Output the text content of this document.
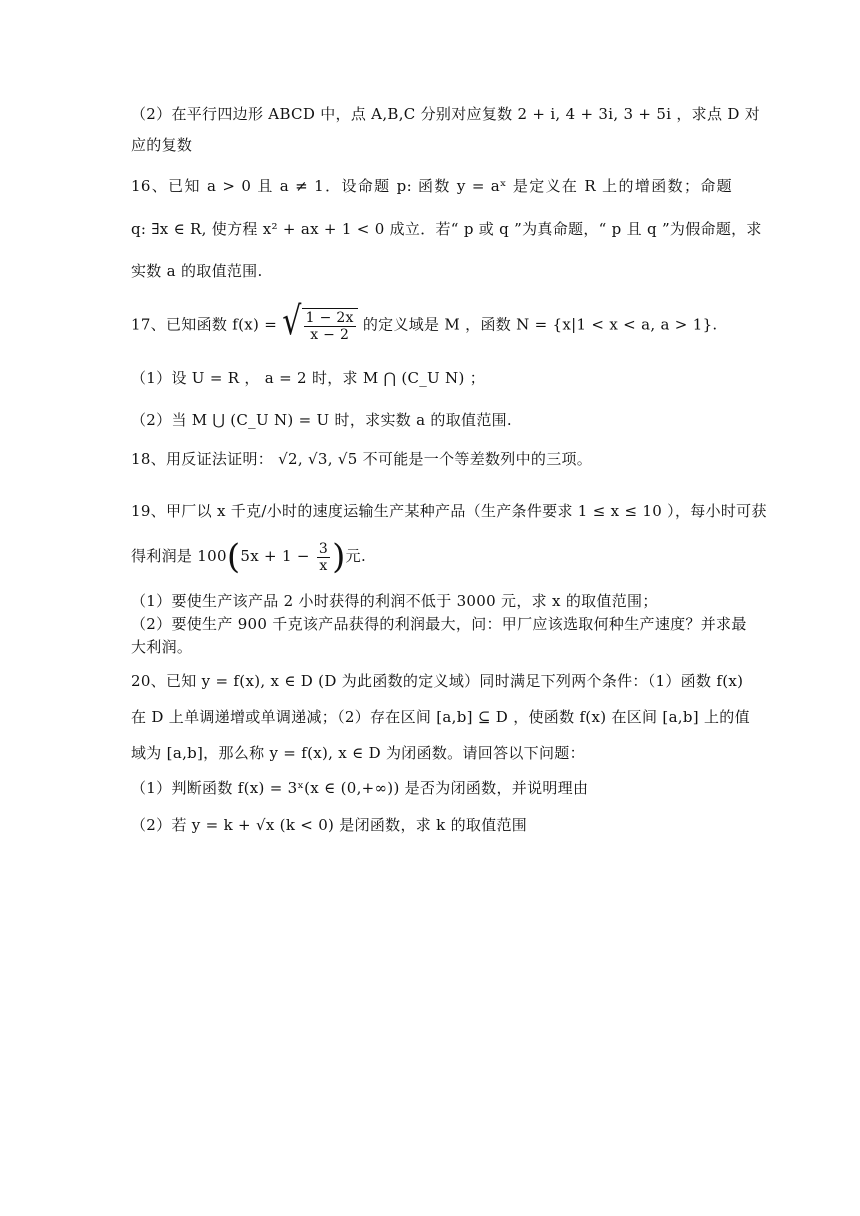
（2）在平行四边形 ABCD 中，点 A,B,C 分别对应复数 2 + i, 4 + 3i, 3 + 5i ，求点 D 对
应的复数
16、已知 a > 0 且 a ≠ 1．设命题 p: 函数 y = aˣ 是定义在 R 上的增函数；命题
q: ∃x ∈ R, 使方程 x² + ax + 1 < 0 成立．若“ p 或 q ”为真命题，“ p 且 q ”为假命题，求
实数 a 的取值范围.
17、已知函数 f(x) = √ $\frac{1 - 2x}{x - 2}$ 的定义域是 M ，函数 N = {x|1 < x < a, a > 1}.
（1）设 U = R ， a = 2 时，求 M ⋂ (C_U N) ；
（2）当 M ⋃ (C_U N) = U 时，求实数 a 的取值范围.
18、用反证法证明： √2, √3, √5 不可能是一个等差数列中的三项。
19、甲厂以 x 千克/小时的速度运输生产某种产品（生产条件要求 1 ≤ x ≤ 10 ），每小时可获
得利润是 $100(5x + 1 - \frac{3}{x}$ )元.
（1）要使生产该产品 2 小时获得的利润不低于 3000 元，求 x 的取值范围；
（2）要使生产 900 千克该产品获得的利润最大，问：甲厂应该选取何种生产速度？并求最
大利润。
20、已知 y = f(x), x ∈ D (D 为此函数的定义域）同时满足下列两个条件：（1）函数 f(x)
在 D 上单调递增或单调递减；（2）存在区间 [a,b] ⊆ D ，使函数 f(x) 在区间 [a,b] 上的值
域为 [a,b]，那么称 y = f(x), x ∈ D 为闭函数。请回答以下问题：
（1）判断函数 f(x) = 3ˣ(x ∈ (0,+∞)) 是否为闭函数，并说明理由
（2）若 y = k + √x (k < 0) 是闭函数，求 k 的取值范围
